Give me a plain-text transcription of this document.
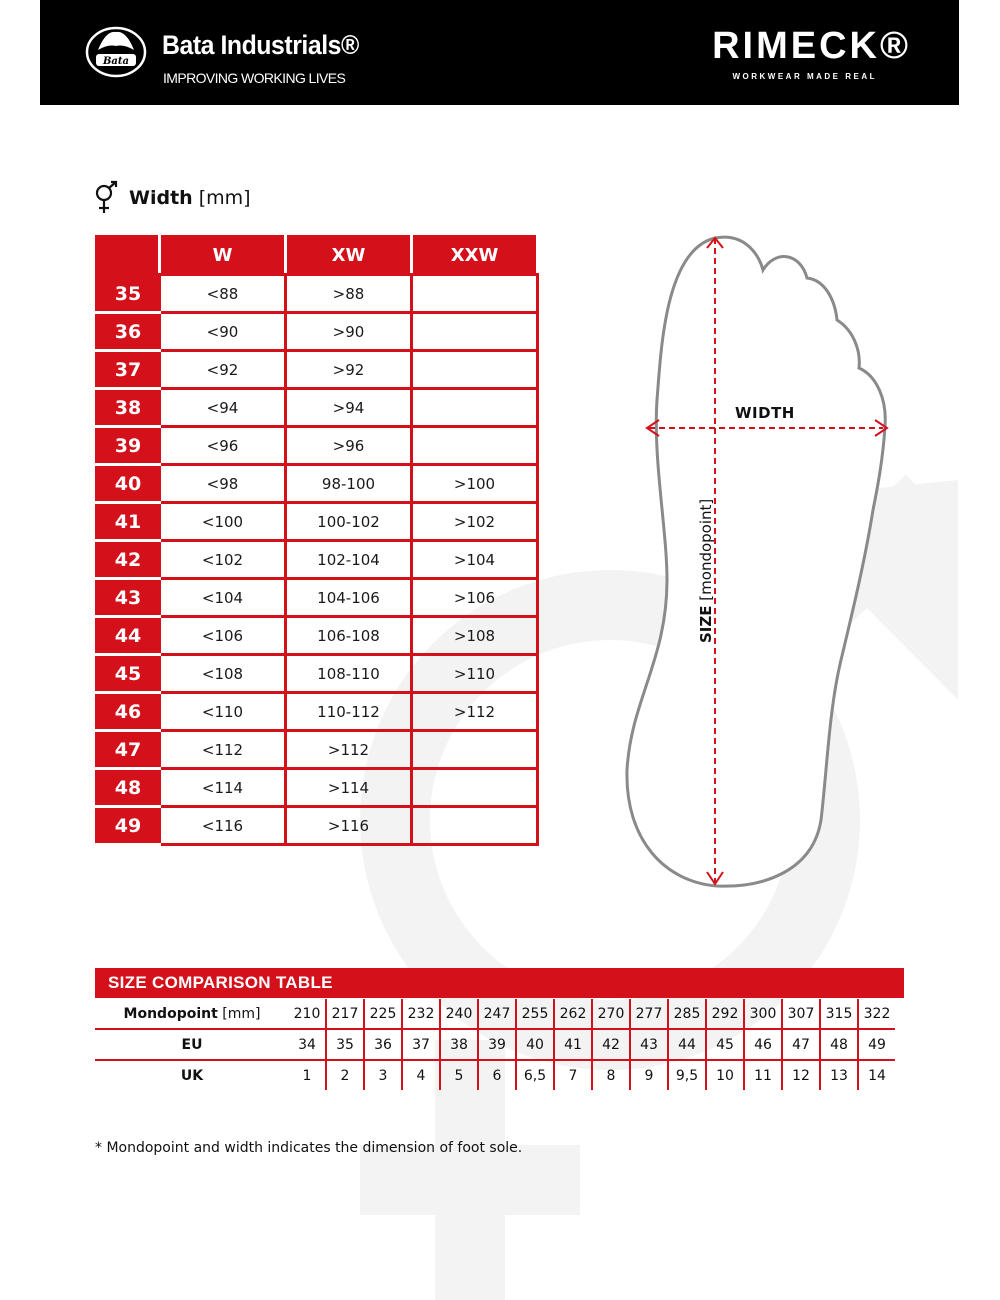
Bata
Bata Industrials®
IMPROVING WORKING LIVES
RIMECK®
WORKWEAR MADE REAL
Width [mm]
	W	XW	XXW
35	<88	>88	
36	<90	>90	
37	<92	>92	
38	<94	>94	
39	<96	>96	
40	<98	98-100	>100
41	<100	100-102	>102
42	<102	102-104	>104
43	<104	104-106	>106
44	<106	106-108	>108
45	<108	108-110	>110
46	<110	110-112	>112
47	<112	>112	
48	<114	>114	
49	<116	>116	
WIDTH
SIZE [mondopoint]
SIZE COMPARISON TABLE
Mondopoint [mm]	210	217	225	232	240	247	255	262	270	277	285	292	300	307	315	322
EU	34	35	36	37	38	39	40	41	42	43	44	45	46	47	48	49
UK	1	2	3	4	5	6	6,5	7	8	9	9,5	10	11	12	13	14
* Mondopoint and width indicates the dimension of foot sole.
